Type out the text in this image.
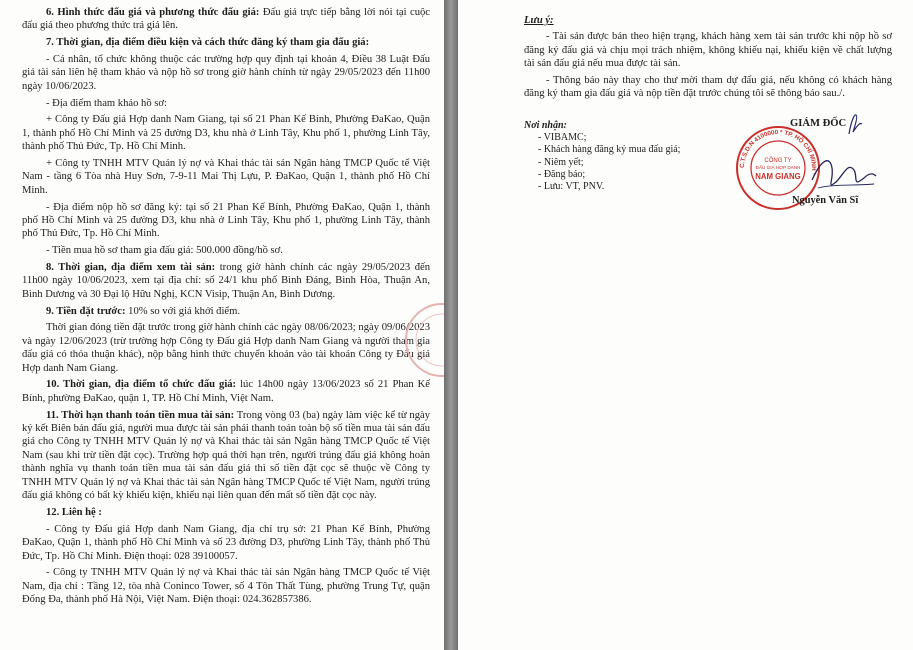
6. Hình thức đấu giá và phương thức đấu giá: Đấu giá trực tiếp bằng lời nói tại cuộc đấu giá theo phương thức trả giá lên.

7. Thời gian, địa điểm điều kiện và cách thức đăng ký tham gia đấu giá:

- Cá nhân, tổ chức không thuộc các trường hợp quy định tại khoản 4, Điều 38 Luật Đấu giá tài sản liên hệ tham khảo và nộp hồ sơ trong giờ hành chính từ ngày 29/05/2023 đến 11h00 ngày 10/06/2023.

- Địa điểm tham khảo hồ sơ:

+ Công ty Đấu giá Hợp danh Nam Giang, tại số 21 Phan Kế Bính, Phường ĐaKao, Quận 1, thành phố Hồ Chí Minh và 25 đường D3, khu nhà ở Linh Tây, Khu phố 1, phường Linh Tây, thành phố Thủ Đức, Tp. Hồ Chí Minh.

+ Công ty TNHH MTV Quản lý nợ và Khai thác tài sản Ngân hàng TMCP Quốc tế Việt Nam - tầng 6 Tòa nhà Huy Sơn, 7-9-11 Mai Thị Lựu, P. ĐaKao, Quận 1, thành phố Hồ Chí Minh.

- Địa điểm nộp hồ sơ đăng ký: tại số 21 Phan Kế Bính, Phường ĐaKao, Quận 1, thành phố Hồ Chí Minh và 25 đường D3, khu nhà ở Linh Tây, Khu phố 1, phường Linh Tây, thành phố Thủ Đức, Tp. Hồ Chí Minh.

- Tiền mua hồ sơ tham gia đấu giá: 500.000 đồng/hồ sơ.

8. Thời gian, địa điểm xem tài sản: trong giờ hành chính các ngày 29/05/2023 đến 11h00 ngày 10/06/2023, xem tại địa chỉ: số 24/1 khu phố Bình Đáng, Bình Hòa, Thuận An, Bình Dương và 30 Đại lộ Hữu Nghị, KCN Visip, Thuận An, Bình Dương.

9. Tiền đặt trước: 10% so với giá khởi điểm.

Thời gian đóng tiền đặt trước trong giờ hành chính các ngày 08/06/2023; ngày 09/06/2023 và ngày 12/06/2023 (trừ trường hợp Công ty Đấu giá Hợp danh Nam Giang và người tham gia đấu giá có thỏa thuận khác), nộp bằng hình thức chuyển khoản vào tài khoản Công ty Đấu giá Hợp danh Nam Giang.

10. Thời gian, địa điểm tổ chức đấu giá: lúc 14h00 ngày 13/06/2023 số 21 Phan Kế Bính, phường ĐaKao, quận 1, TP. Hồ Chí Minh, Việt Nam.

11. Thời hạn thanh toán tiền mua tài sản: Trong vòng 03 (ba) ngày làm việc kể từ ngày ký kết Biên bản đấu giá, người mua được tài sản phải thanh toán toàn bộ số tiền mua tài sản đấu giá cho Công ty TNHH MTV Quản lý nợ và Khai thác tài sản Ngân hàng TMCP Quốc tế Việt Nam (sau khi trừ tiền đặt cọc). Trường hợp quá thời hạn trên, người trúng đấu giá không hoàn thành nghĩa vụ thanh toán tiền mua tài sản đấu giá thì số tiền đặt cọc sẽ thuộc về Công ty TNHH MTV Quản lý nợ và Khai thác tài sản Ngân hàng TMCP Quốc tế Việt Nam, người trúng đấu giá không có bất kỳ khiếu kiện, khiếu nại liên quan đến mất số tiền đặt cọc này.

12. Liên hệ :

- Công ty Đấu giá Hợp danh Nam Giang, địa chỉ trụ sở: 21 Phan Kế Bính, Phường ĐaKao, Quận 1, thành phố Hồ Chí Minh và số 23 đường D3, phường Linh Tây, thành phố Thủ Đức, Tp. Hồ Chí Minh. Điện thoại: 028 39100057.

- Công ty TNHH MTV Quản lý nợ và Khai thác tài sản Ngân hàng TMCP Quốc tế Việt Nam, địa chỉ : Tầng 12, tòa nhà Coninco Tower, số 4 Tôn Thất Tùng, phường Trung Tự, quận Đống Đa, thành phố Hà Nội, Việt Nam. Điện thoại: 024.362857386.

Lưu ý:

- Tài sản được bán theo hiện trạng, khách hàng xem tài sản trước khi nộp hồ sơ đăng ký đấu giá và chịu mọi trách nhiệm, không khiếu nại, khiếu kiện về chất lượng tài sản đấu giá nếu mua được tài sản.

- Thông báo này thay cho thư mời tham dự đấu giá, nếu không có khách hàng đăng ký tham gia đấu giá và nộp tiền đặt trước chúng tôi sẽ thông báo sau./.

Nơi nhận:
- VIBAMC;
- Khách hàng đăng ký mua đấu giá;
- Niêm yết;
- Đăng báo;
- Lưu: VT, PNV.
GIÁM ĐỐC
C.T.S.D.N 4100000 * TP. HỒ CHÍ MINH *
CÔNG TY
ĐẤU GIÁ HỢP DANH
NAM GIANG
Nguyễn Văn Sĩ
